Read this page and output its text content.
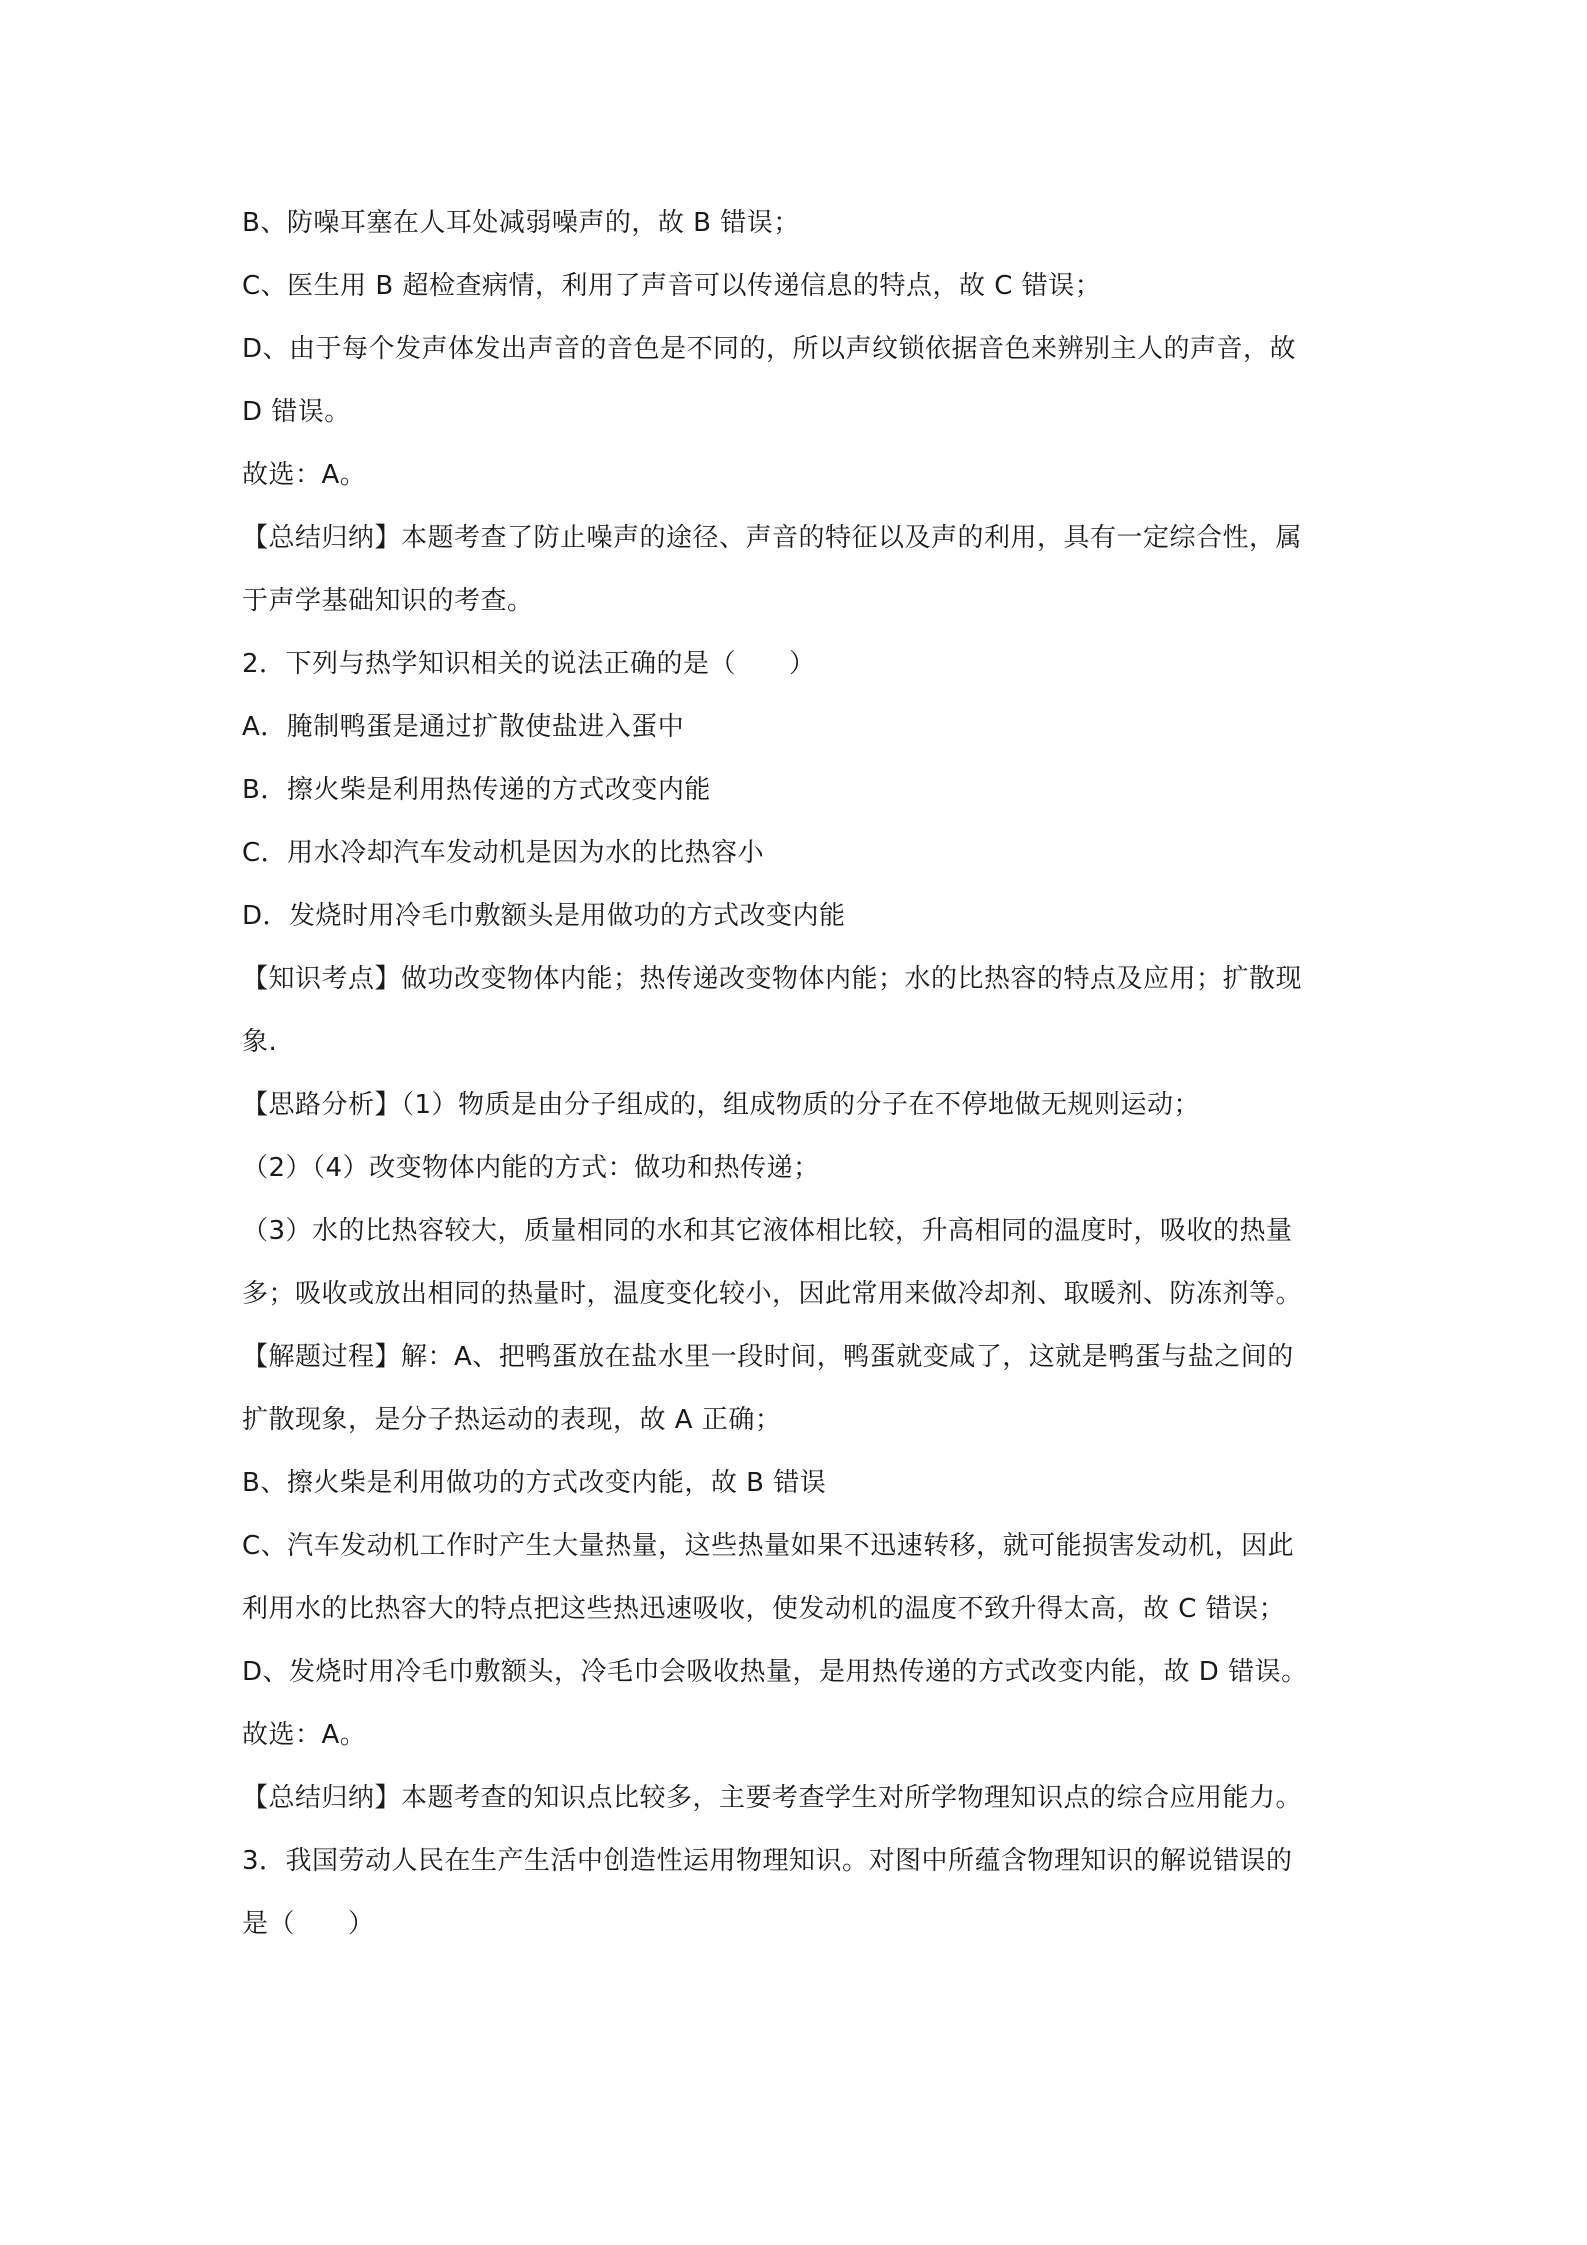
B、防噪耳塞在人耳处减弱噪声的，故 B 错误；
C、医生用 B 超检查病情，利用了声音可以传递信息的特点，故 C 错误；
D、由于每个发声体发出声音的音色是不同的，所以声纹锁依据音色来辨别主人的声音，故
D 错误。
故选：A。
【总结归纳】本题考查了防止噪声的途径、声音的特征以及声的利用，具有一定综合性，属
于声学基础知识的考查。
2．下列与热学知识相关的说法正确的是（　　）
A．腌制鸭蛋是通过扩散使盐进入蛋中
B．擦火柴是利用热传递的方式改变内能
C．用水冷却汽车发动机是因为水的比热容小
D．发烧时用冷毛巾敷额头是用做功的方式改变内能
【知识考点】做功改变物体内能；热传递改变物体内能；水的比热容的特点及应用；扩散现
象.
【思路分析】（1）物质是由分子组成的，组成物质的分子在不停地做无规则运动；
（2）（4）改变物体内能的方式：做功和热传递；
（3）水的比热容较大，质量相同的水和其它液体相比较，升高相同的温度时，吸收的热量
多；吸收或放出相同的热量时，温度变化较小，因此常用来做冷却剂、取暖剂、防冻剂等。
【解题过程】解：A、把鸭蛋放在盐水里一段时间，鸭蛋就变咸了，这就是鸭蛋与盐之间的
扩散现象，是分子热运动的表现，故 A 正确；
B、擦火柴是利用做功的方式改变内能，故 B 错误
C、汽车发动机工作时产生大量热量，这些热量如果不迅速转移，就可能损害发动机，因此
利用水的比热容大的特点把这些热迅速吸收，使发动机的温度不致升得太高，故 C 错误；
D、发烧时用冷毛巾敷额头，冷毛巾会吸收热量，是用热传递的方式改变内能，故 D 错误。
故选：A。
【总结归纳】本题考查的知识点比较多，主要考查学生对所学物理知识点的综合应用能力。
3．我国劳动人民在生产生活中创造性运用物理知识。对图中所蕴含物理知识的解说错误的
是（　　）
